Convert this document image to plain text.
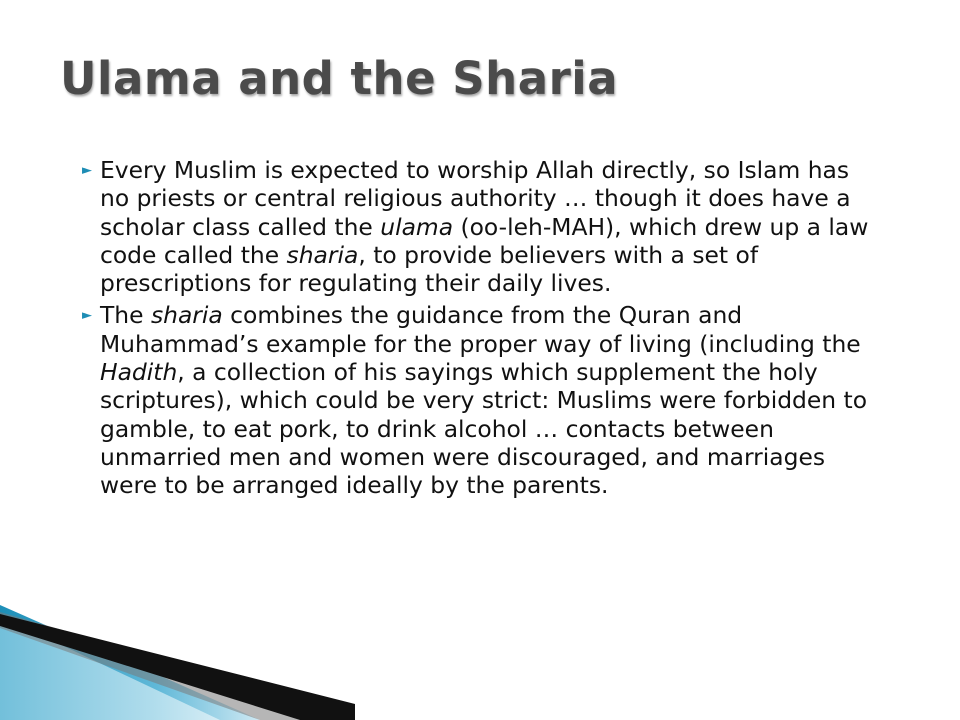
Ulama and the Sharia
► Every Muslim is expected to worship Allah directly, so Islam has no priests or central religious authority … though it does have a scholar class called the ulama (oo-leh-MAH), which drew up a law code called the sharia, to provide believers with a set of prescriptions for regulating their daily lives.
► The sharia combines the guidance from the Quran and Muhammad’s example for the proper way of living (including the Hadith, a collection of his sayings which supplement the holy scriptures), which could be very strict: Muslims were forbidden to gamble, to eat pork, to drink alcohol … contacts between unmarried men and women were discouraged, and marriages were to be arranged ideally by the parents.
